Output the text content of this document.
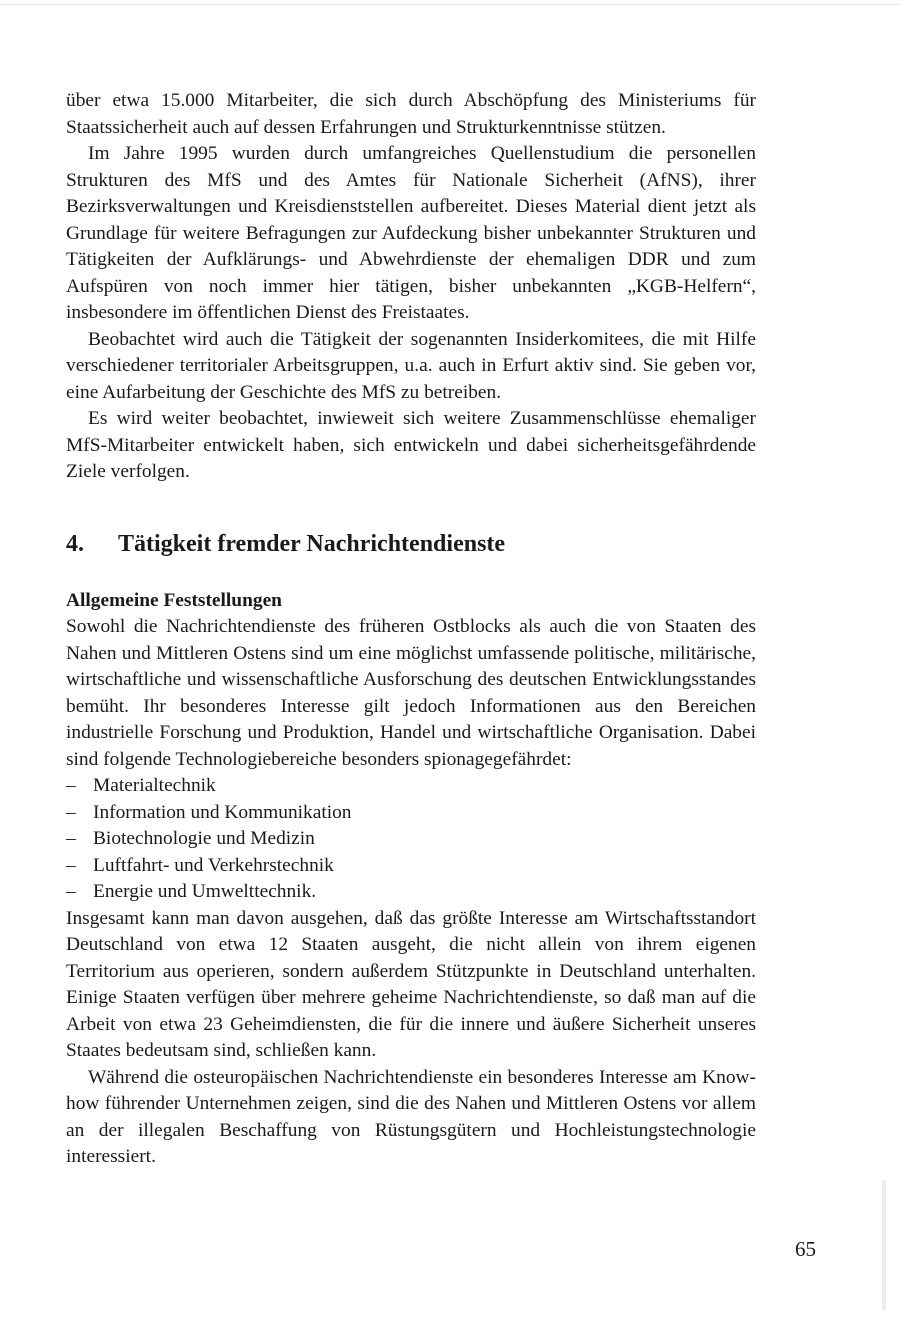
über etwa 15.000 Mitarbeiter, die sich durch Abschöpfung des Ministeriums für Staatssicherheit auch auf dessen Erfahrungen und Strukturkenntnisse stützen.

Im Jahre 1995 wurden durch umfangreiches Quellenstudium die personellen Strukturen des MfS und des Amtes für Nationale Sicherheit (AfNS), ihrer Bezirksverwaltungen und Kreisdienststellen aufbereitet. Dieses Material dient jetzt als Grundlage für weitere Befragungen zur Aufdeckung bisher unbekannter Strukturen und Tätigkeiten der Aufklärungs- und Abwehrdienste der ehemaligen DDR und zum Aufspüren von noch immer hier tätigen, bisher unbekannten „KGB-Helfern“, insbesondere im öffentlichen Dienst des Freistaates.

Beobachtet wird auch die Tätigkeit der sogenannten Insiderkomitees, die mit Hilfe verschiedener territorialer Arbeitsgruppen, u.a. auch in Erfurt aktiv sind. Sie geben vor, eine Aufarbeitung der Geschichte des MfS zu betreiben.

Es wird weiter beobachtet, inwieweit sich weitere Zusammenschlüsse ehemaliger MfS-Mitarbeiter entwickelt haben, sich entwickeln und dabei sicherheitsgefährdende Ziele verfolgen.

4.	Tätigkeit fremder Nachrichtendienste
Allgemeine Feststellungen

Sowohl die Nachrichtendienste des früheren Ostblocks als auch die von Staaten des Nahen und Mittleren Ostens sind um eine möglichst umfassende politische, militärische, wirtschaftliche und wissenschaftliche Ausforschung des deutschen Entwicklungsstandes bemüht. Ihr besonderes Interesse gilt jedoch Informationen aus den Bereichen industrielle Forschung und Produktion, Handel und wirtschaftliche Organisation. Dabei sind folgende Technologiebereiche besonders spionagegefährdet:

– Materialtechnik
– Information und Kommunikation
– Biotechnologie und Medizin
– Luftfahrt- und Verkehrstechnik
– Energie und Umwelttechnik.

Insgesamt kann man davon ausgehen, daß das größte Interesse am Wirtschaftsstandort Deutschland von etwa 12 Staaten ausgeht, die nicht allein von ihrem eigenen Territorium aus operieren, sondern außerdem Stützpunkte in Deutschland unterhalten. Einige Staaten verfügen über mehrere geheime Nachrichtendienste, so daß man auf die Arbeit von etwa 23 Geheimdiensten, die für die innere und äußere Sicherheit unseres Staates bedeutsam sind, schließen kann.

Während die osteuropäischen Nachrichtendienste ein besonderes Interesse am Know-how führender Unternehmen zeigen, sind die des Nahen und Mittleren Ostens vor allem an der illegalen Beschaffung von Rüstungsgütern und Hochleistungstechnologie interessiert.

65
